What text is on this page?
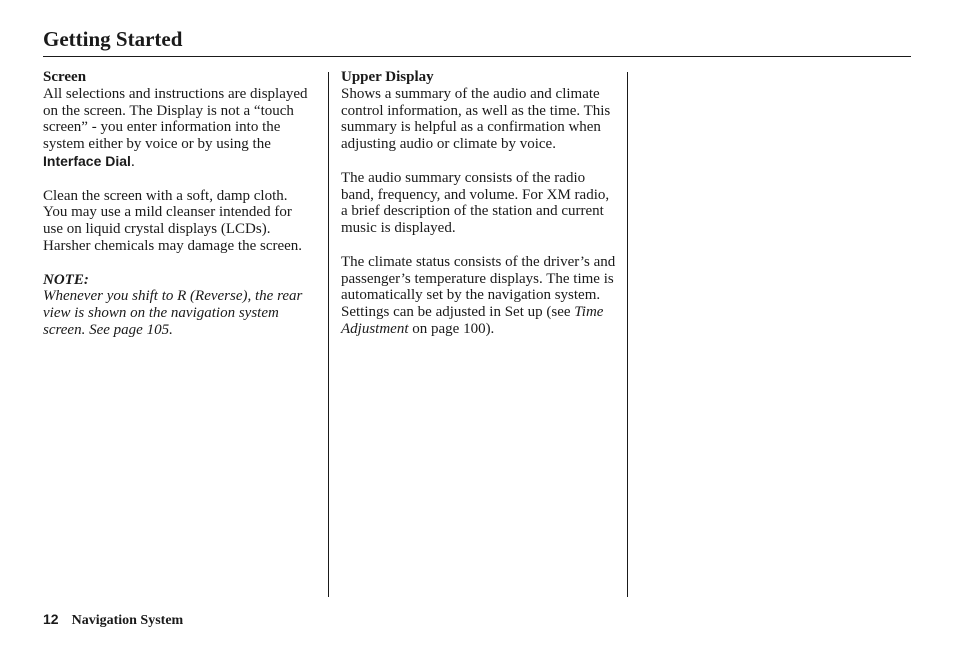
Getting Started
Screen

All selections and instructions are displayed on the screen. The Display is not a “touch screen” - you enter information into the system either by voice or by using the Interface Dial.

Clean the screen with a soft, damp cloth. You may use a mild cleanser intended for use on liquid crystal displays (LCDs). Harsher chemicals may damage the screen.

NOTE:

Whenever you shift to R (Reverse), the rear view is shown on the navigation system screen. See page 105.

Upper Display

Shows a summary of the audio and climate control information, as well as the time. This summary is helpful as a confirmation when adjusting audio or climate by voice.

The audio summary consists of the radio band, frequency, and volume. For XM radio, a brief description of the station and current music is displayed.

The climate status consists of the driver’s and passenger’s temperature displays. The time is automatically set by the navigation system. Settings can be adjusted in Set up (see Time Adjustment on page 100).

12 Navigation System
